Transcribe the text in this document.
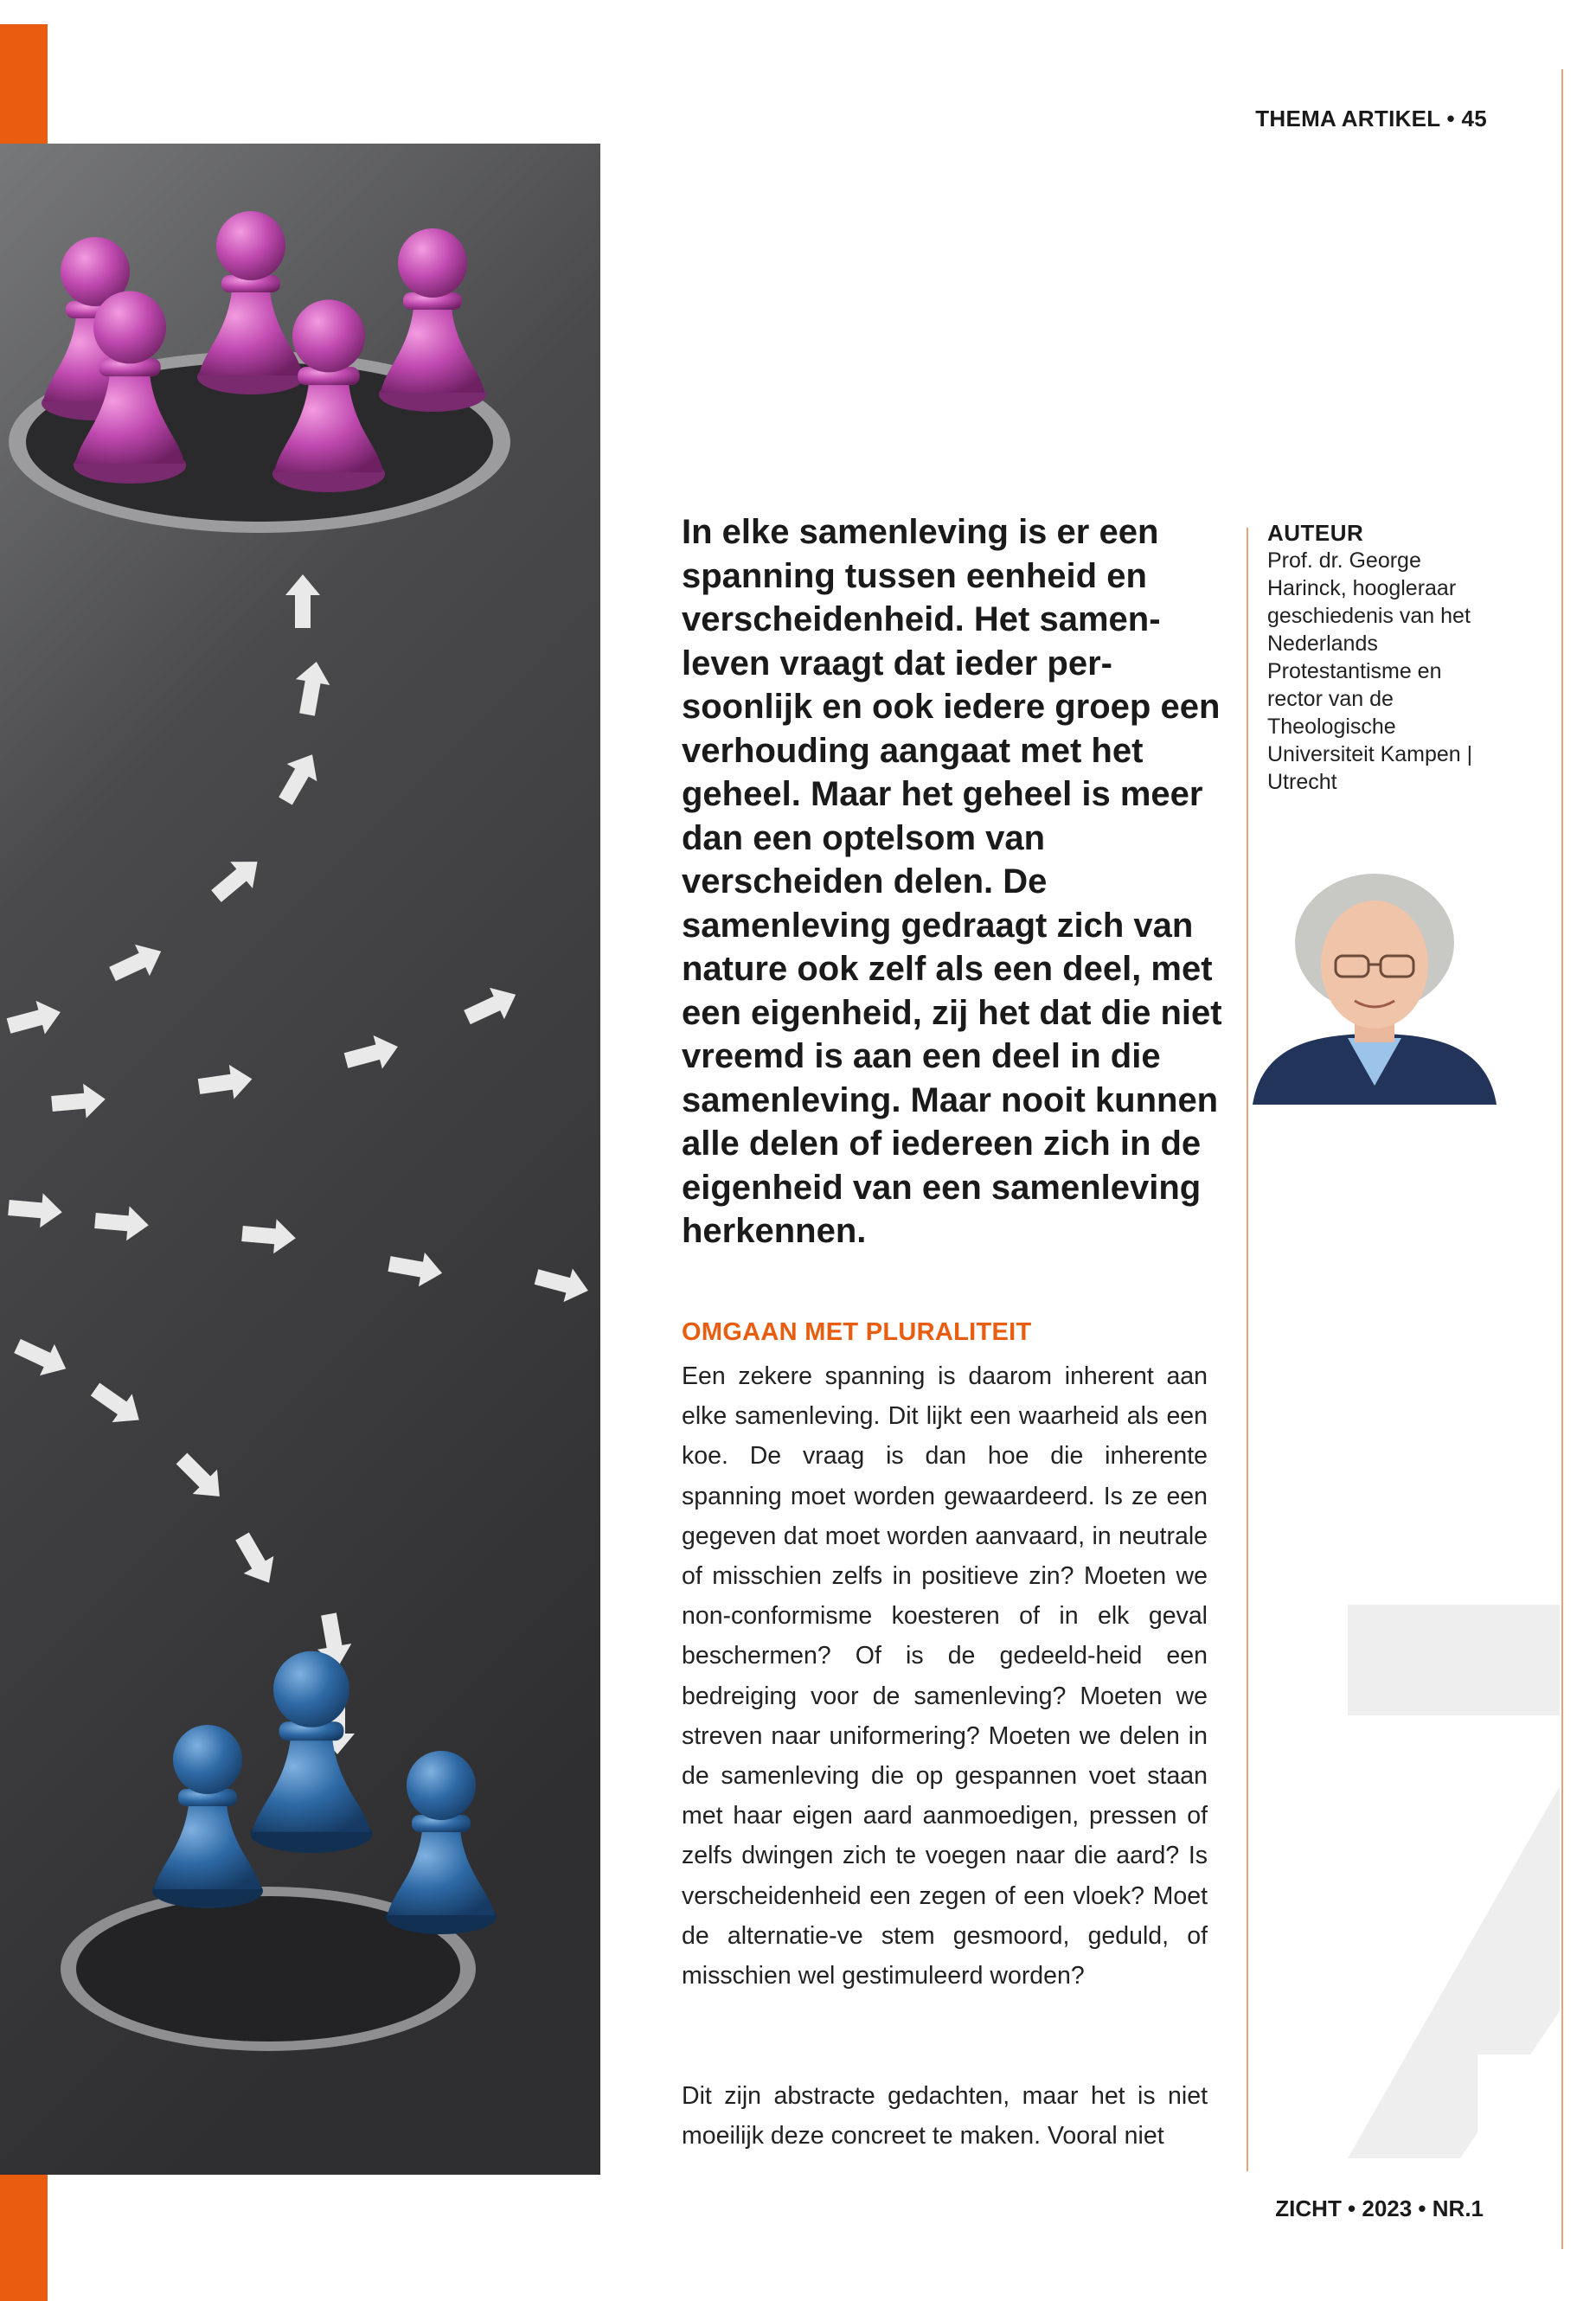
THEMA ARTIKEL • 45

In elke samenleving is er een spanning tussen eenheid en verscheidenheid. Het samen-leven vraagt dat ieder per-soonlijk en ook iedere groep een verhouding aangaat met het geheel. Maar het geheel is meer dan een optelsom van verscheiden delen. De samenleving gedraagt zich van nature ook zelf als een deel, met een eigenheid, zij het dat die niet vreemd is aan een deel in die samenleving. Maar nooit kunnen alle delen of iedereen zich in de eigenheid van een samenleving herkennen.

AUTEUR
Prof. dr. George Harinck, hoogleraar geschiedenis van het Nederlands Protestantisme en rector van de Theologische Universiteit Kampen | Utrecht
OMGAAN MET PLURALITEIT

Een zekere spanning is daarom inherent aan elke samenleving. Dit lijkt een waarheid als een koe. De vraag is dan hoe die inherente spanning moet worden gewaardeerd. Is ze een gegeven dat moet worden aanvaard, in neutrale of misschien zelfs in positieve zin? Moeten we non-conformisme koesteren of in elk geval beschermen? Of is de gedeeld-heid een bedreiging voor de samenleving? Moeten we streven naar uniformering? Moeten we delen in de samenleving die op gespannen voet staan met haar eigen aard aanmoedigen, pressen of zelfs dwingen zich te voegen naar die aard? Is verscheidenheid een zegen of een vloek? Moet de alternatie-ve stem gesmoord, geduld, of misschien wel gestimuleerd worden?

Dit zijn abstracte gedachten, maar het is niet moeilijk deze concreet te maken. Vooral niet

ZICHT • 2023 • NR.1
